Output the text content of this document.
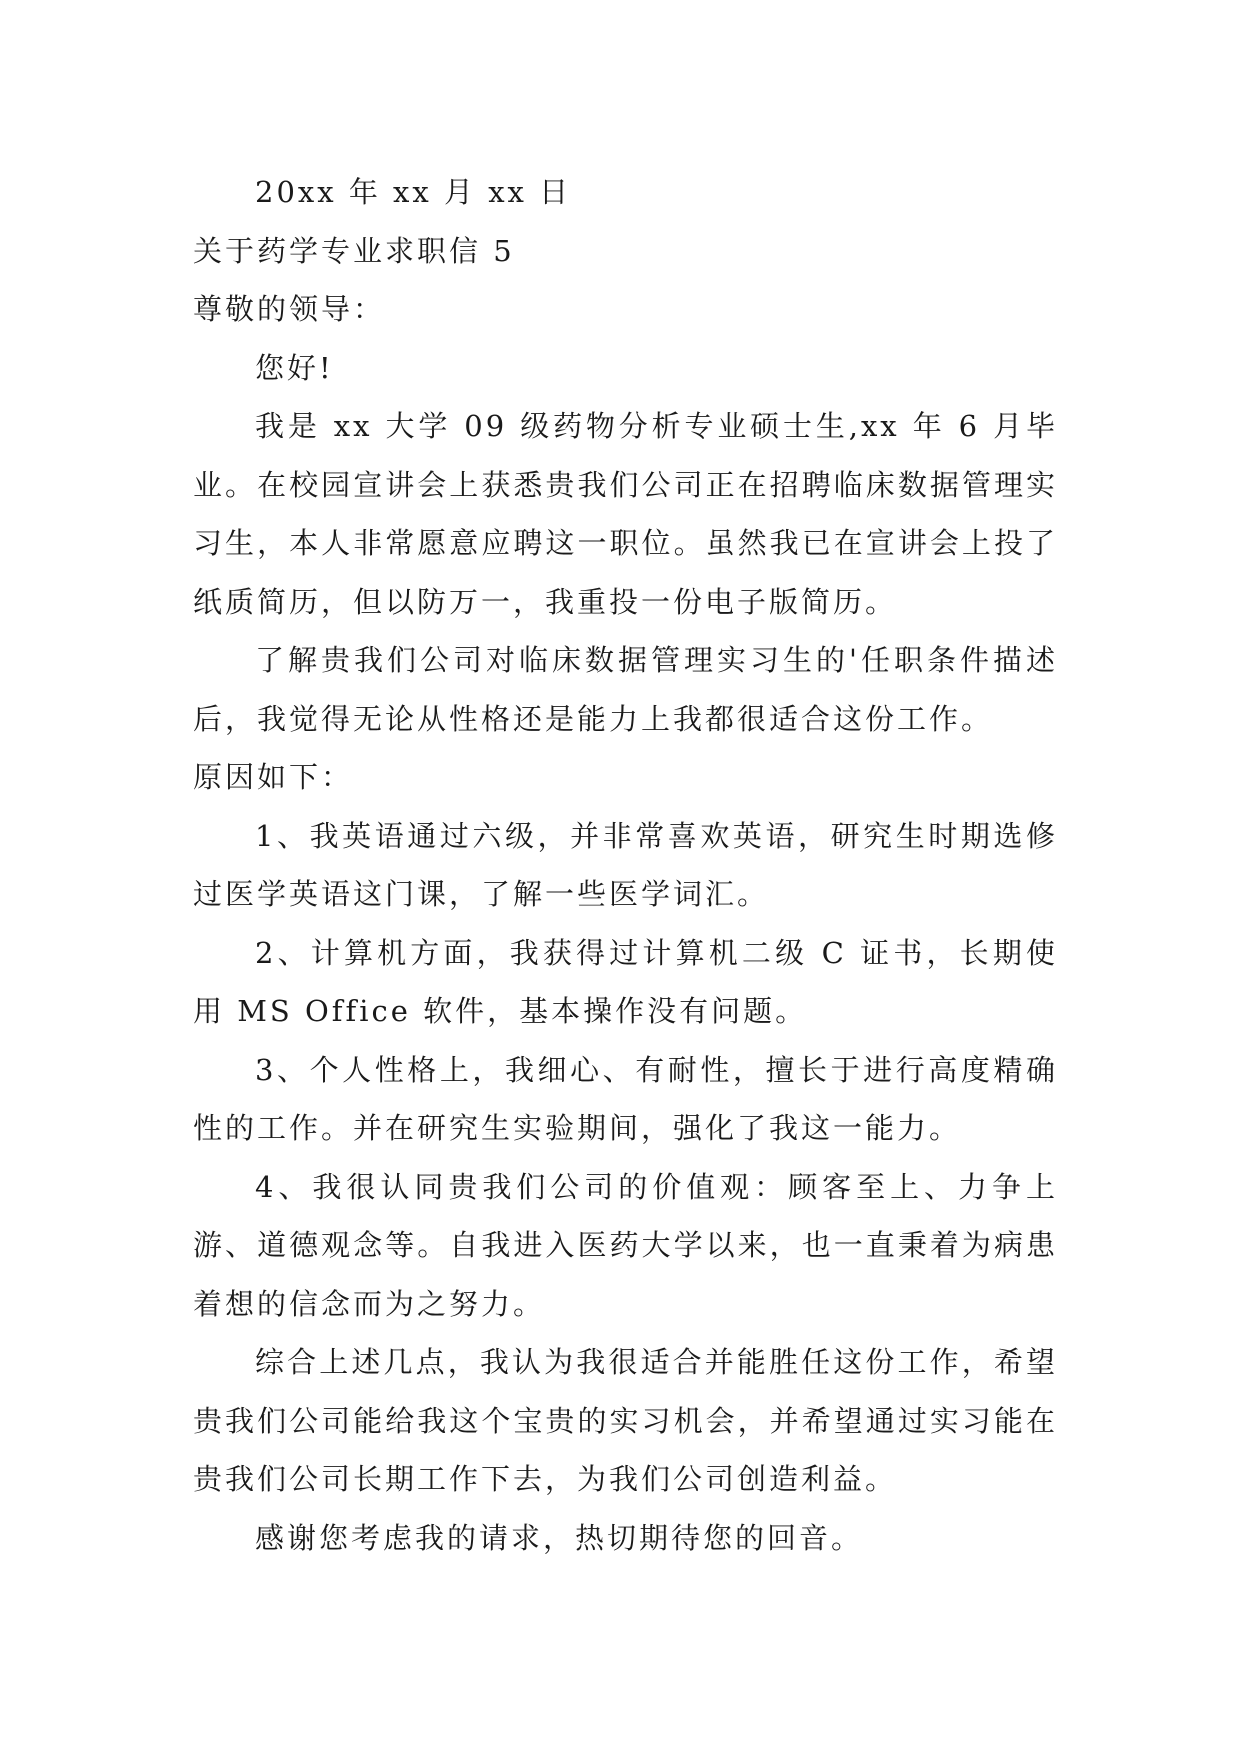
20xx 年 xx 月 xx 日

关于药学专业求职信 5

尊敬的领导：

您好!

我是 xx 大学 09 级药物分析专业硕士生,xx 年 6 月毕业。在校园宣讲会上获悉贵我们公司正在招聘临床数据管理实习生，本人非常愿意应聘这一职位。虽然我已在宣讲会上投了纸质简历，但以防万一，我重投一份电子版简历。

了解贵我们公司对临床数据管理实习生的'任职条件描述后，我觉得无论从性格还是能力上我都很适合这份工作。

原因如下：

1、我英语通过六级，并非常喜欢英语，研究生时期选修过医学英语这门课，了解一些医学词汇。

2、计算机方面，我获得过计算机二级 C 证书，长期使用 MS Office 软件，基本操作没有问题。

3、个人性格上，我细心、有耐性，擅长于进行高度精确性的工作。并在研究生实验期间，强化了我这一能力。

4、我很认同贵我们公司的价值观：顾客至上、力争上游、道德观念等。自我进入医药大学以来，也一直秉着为病患着想的信念而为之努力。

综合上述几点，我认为我很适合并能胜任这份工作，希望贵我们公司能给我这个宝贵的实习机会，并希望通过实习能在贵我们公司长期工作下去，为我们公司创造利益。

感谢您考虑我的请求，热切期待您的回音。
